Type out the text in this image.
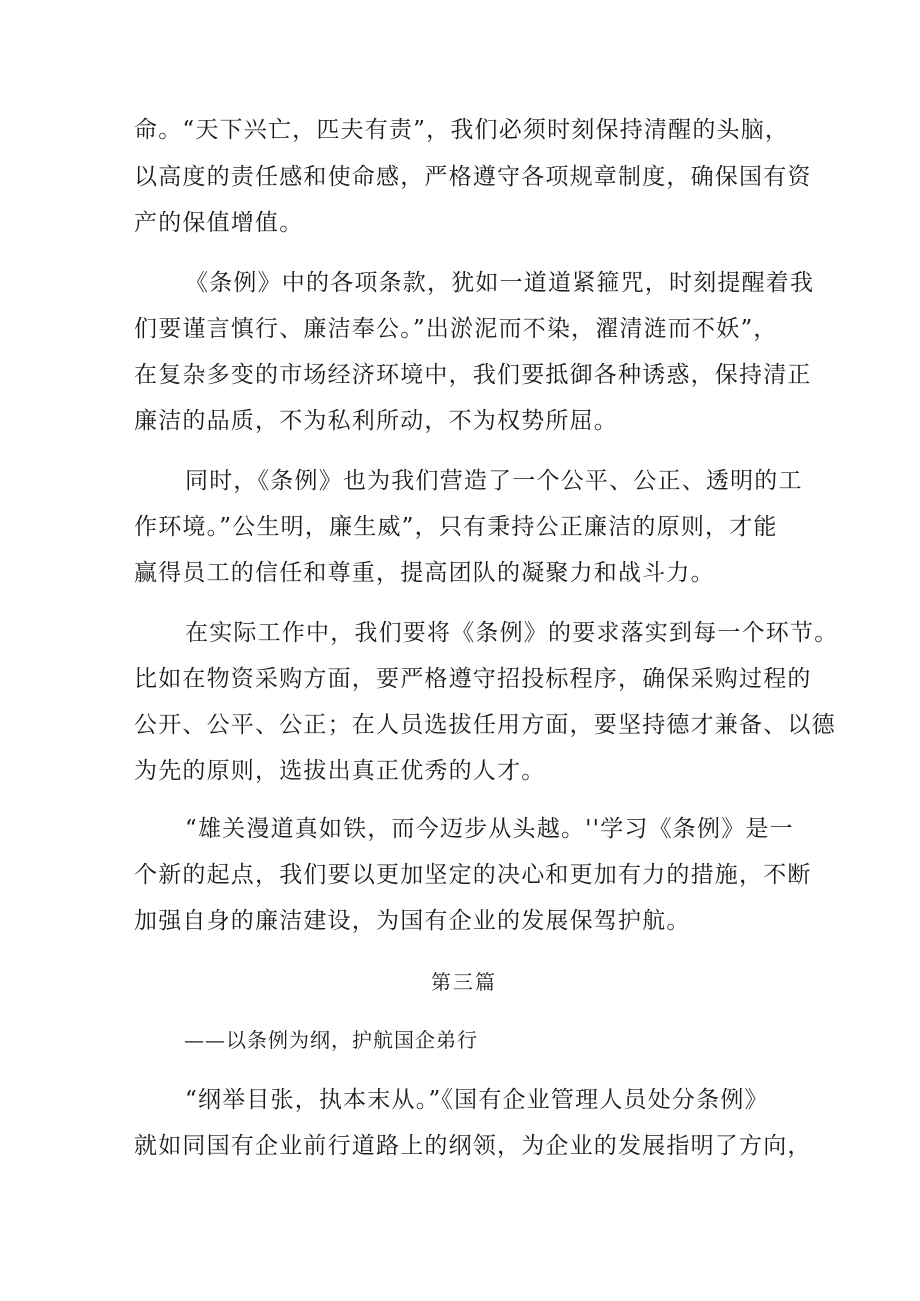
命。“天下兴亡，匹夫有责”，我们必须时刻保持清醒的头脑，
以高度的责任感和使命感，严格遵守各项规章制度，确保国有资
产的保值增值。
《条例》中的各项条款，犹如一道道紧箍咒，时刻提醒着我
们要谨言慎行、廉洁奉公。”出淤泥而不染，濯清涟而不妖”，
在复杂多变的市场经济环境中，我们要抵御各种诱惑，保持清正
廉洁的品质，不为私利所动，不为权势所屈。
同时，《条例》也为我们营造了一个公平、公正、透明的工
作环境。”公生明，廉生威”，只有秉持公正廉洁的原则，才能
赢得员工的信任和尊重，提高团队的凝聚力和战斗力。
在实际工作中，我们要将《条例》的要求落实到每一个环节。
比如在物资采购方面，要严格遵守招投标程序，确保采购过程的
公开、公平、公正；在人员选拔任用方面，要坚持德才兼备、以德
为先的原则，选拔出真正优秀的人才。
“雄关漫道真如铁，而今迈步从头越。''学习《条例》是一
个新的起点，我们要以更加坚定的决心和更加有力的措施，不断
加强自身的廉洁建设，为国有企业的发展保驾护航。
第三篇
——以条例为纲，护航国企弟行
“纲举目张，执本末从。”《国有企业管理人员处分条例》
就如同国有企业前行道路上的纲领，为企业的发展指明了方向，
